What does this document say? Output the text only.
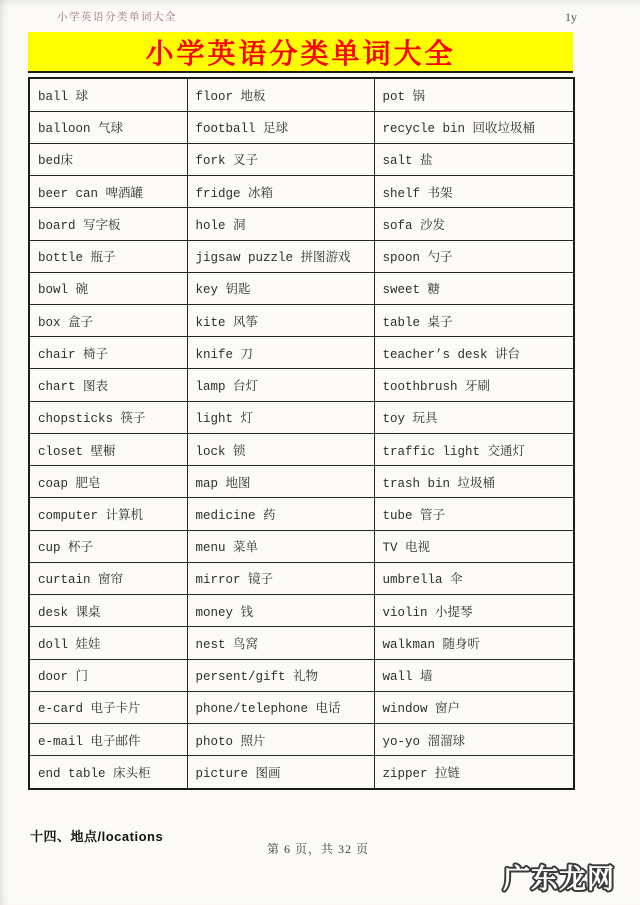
小学英语分类单词大全	1y
小学英语分类单词大全
ball 球	floor 地板	pot 锅
balloon 气球	football 足球	recycle bin 回收垃圾桶
bed床	fork 叉子	salt 盐
beer can 啤酒罐	fridge 冰箱	shelf 书架
board 写字板	hole 洞	sofa 沙发
bottle 瓶子	jigsaw puzzle 拼图游戏	spoon 勺子
bowl 碗	key 钥匙	sweet 糖
box 盒子	kite 风筝	table 桌子
chair 椅子	knife 刀	teacher’s desk 讲台
chart 图表	lamp 台灯	toothbrush 牙刷
chopsticks 筷子	light 灯	toy 玩具
closet 壁橱	lock 锁	traffic light 交通灯
coap 肥皂	map 地图	trash bin 垃圾桶
computer 计算机	medicine 药	tube 管子
cup 杯子	menu 菜单	TV 电视
curtain 窗帘	mirror 镜子	umbrella 伞
desk 课桌	money 钱	violin 小提琴
doll 娃娃	nest 鸟窝	walkman 随身听
door 门	persent/gift 礼物	wall 墙
e-card 电子卡片	phone/telephone 电话	window 窗户
e-mail 电子邮件	photo 照片	yo-yo 溜溜球
end table 床头柜	picture 图画	zipper 拉链
十四、地点/locations
第 6 页，共 32 页
广东龙网
